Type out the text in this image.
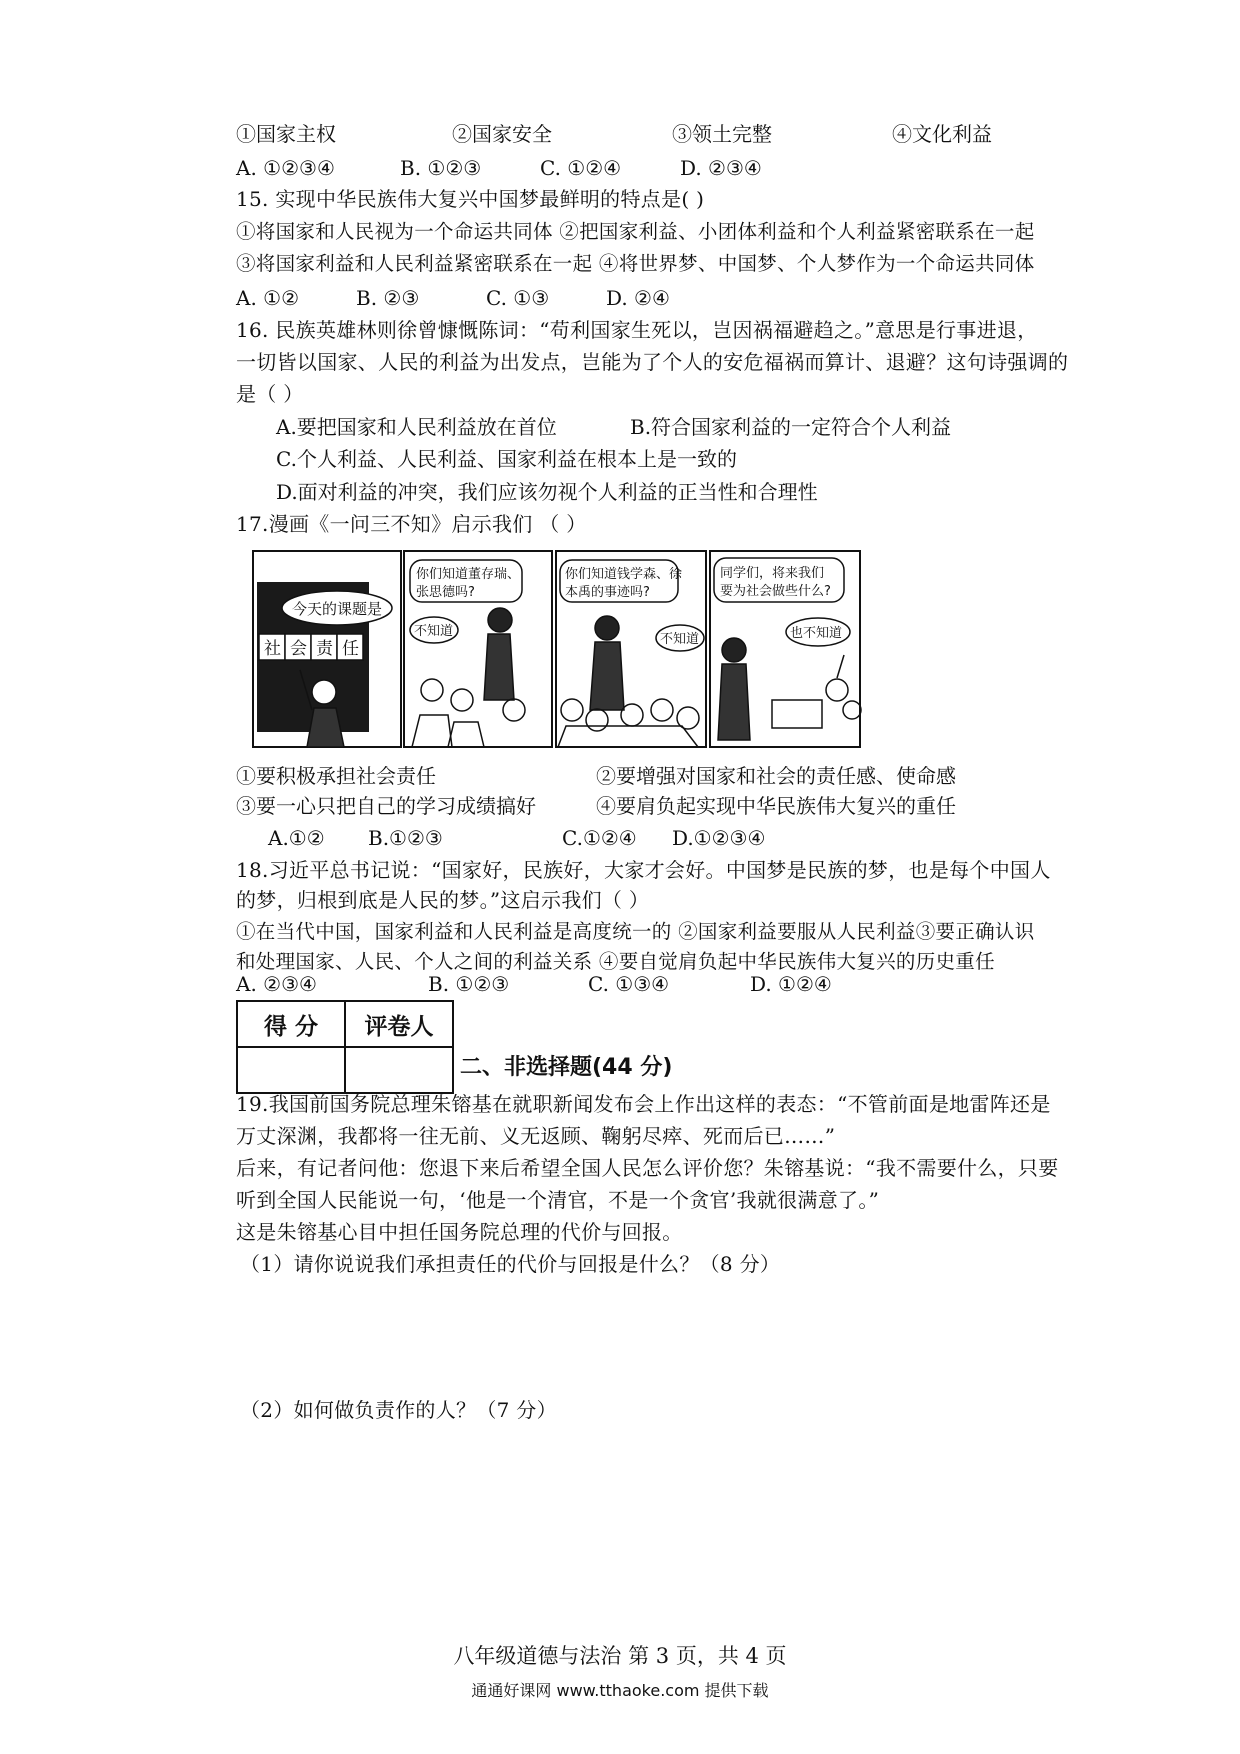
①国家主权	②国家安全	③领土完整	④文化利益
A. ①②③④	B. ①②③	C. ①②④	D. ②③④
15. 实现中华民族伟大复兴中国梦最鲜明的特点是( )
①将国家和人民视为一个命运共同体 ②把国家利益、小团体利益和个人利益紧密联系在一起
③将国家利益和人民利益紧密联系在一起 ④将世界梦、中国梦、个人梦作为一个命运共同体
A. ①②	B. ②③	C. ①③	D. ②④
16. 民族英雄林则徐曾慷慨陈词：“苟利国家生死以，岂因祸福避趋之。”意思是行事进退，
一切皆以国家、人民的利益为出发点，岂能为了个人的安危福祸而算计、退避？这句诗强调的
是（ ）
A.要把国家和人民利益放在首位	B.符合国家利益的一定符合个人利益
C.个人利益、人民利益、国家利益在根本上是一致的
D.面对利益的冲突，我们应该勿视个人利益的正当性和合理性
17.漫画《一问三不知》启示我们 （ ）
社 会 责 任
今天的课题是
你们知道董存瑞、
张思德吗?
不知道
你们知道钱学森、徐
本禹的事迹吗?
不知道
同学们，将来我们
要为社会做些什么?
也不知道
①要积极承担社会责任	②要增强对国家和社会的责任感、使命感
③要一心只把自己的学习成绩搞好	④要肩负起实现中华民族伟大复兴的重任
A.①② B.①②③	C.①②④ D.①②③④
18.习近平总书记说：“国家好，民族好，大家才会好。中国梦是民族的梦，也是每个中国人
的梦，归根到底是人民的梦。”这启示我们（ ）
①在当代中国，国家利益和人民利益是高度统一的 ②国家利益要服从人民利益③要正确认识
和处理国家、人民、个人之间的利益关系 ④要自觉肩负起中华民族伟大复兴的历史重任
A. ②③④	B. ①②③	C. ①③④	D. ①②④
得 分	评卷人

二、非选择题(44 分)
19.我国前国务院总理朱镕基在就职新闻发布会上作出这样的表态：“不管前面是地雷阵还是
万丈深渊，我都将一往无前、义无返顾、鞠躬尽瘁、死而后已……”
后来，有记者问他：您退下来后希望全国人民怎么评价您？朱镕基说：“我不需要什么，只要
听到全国人民能说一句，‘他是一个清官，不是一个贪官’我就很满意了。”
这是朱镕基心目中担任国务院总理的代价与回报。
（1）请你说说我们承担责任的代价与回报是什么？（8 分）
（2）如何做负责作的人？（7 分）
八年级道德与法治 第 3 页，共 4 页
通通好课网 www.tthaoke.com 提供下载
